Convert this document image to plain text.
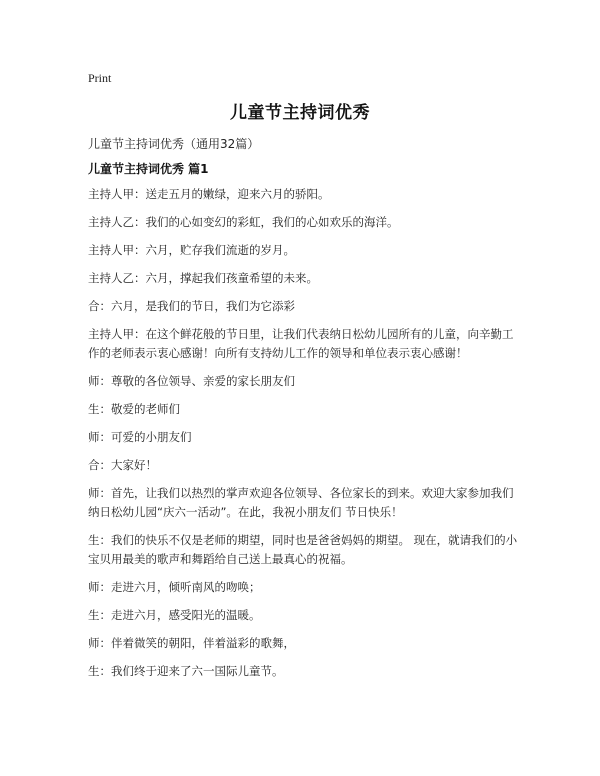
Print
儿童节主持词优秀
儿童节主持词优秀（通用32篇）
儿童节主持词优秀 篇1

主持人甲：送走五月的嫩绿，迎来六月的骄阳。

主持人乙：我们的心如变幻的彩虹，我们的心如欢乐的海洋。

主持人甲：六月，贮存我们流逝的岁月。

主持人乙：六月，撑起我们孩童希望的未来。

合：六月，是我们的节日，我们为它添彩

主持人甲：在这个鲜花般的节日里，让我们代表纳日松幼儿园所有的儿童，向辛勤工作的老师表示衷心感谢！向所有支持幼儿工作的领导和单位表示衷心感谢！

师：尊敬的各位领导、亲爱的家长朋友们

生：敬爱的老师们

师：可爱的小朋友们

合：大家好！

师：首先，让我们以热烈的掌声欢迎各位领导、各位家长的到来。欢迎大家参加我们纳日松幼儿园“庆六一活动”。在此，我祝小朋友们 节日快乐！

生：我们的快乐不仅是老师的期望，同时也是爸爸妈妈的期望。 现在，就请我们的小宝贝用最美的歌声和舞蹈给自己送上最真心的祝福。

师：走进六月，倾听南风的吻唤；

生：走进六月，感受阳光的温暖。

师：伴着微笑的朝阳，伴着溢彩的歌舞，

生：我们终于迎来了六一国际儿童节。
